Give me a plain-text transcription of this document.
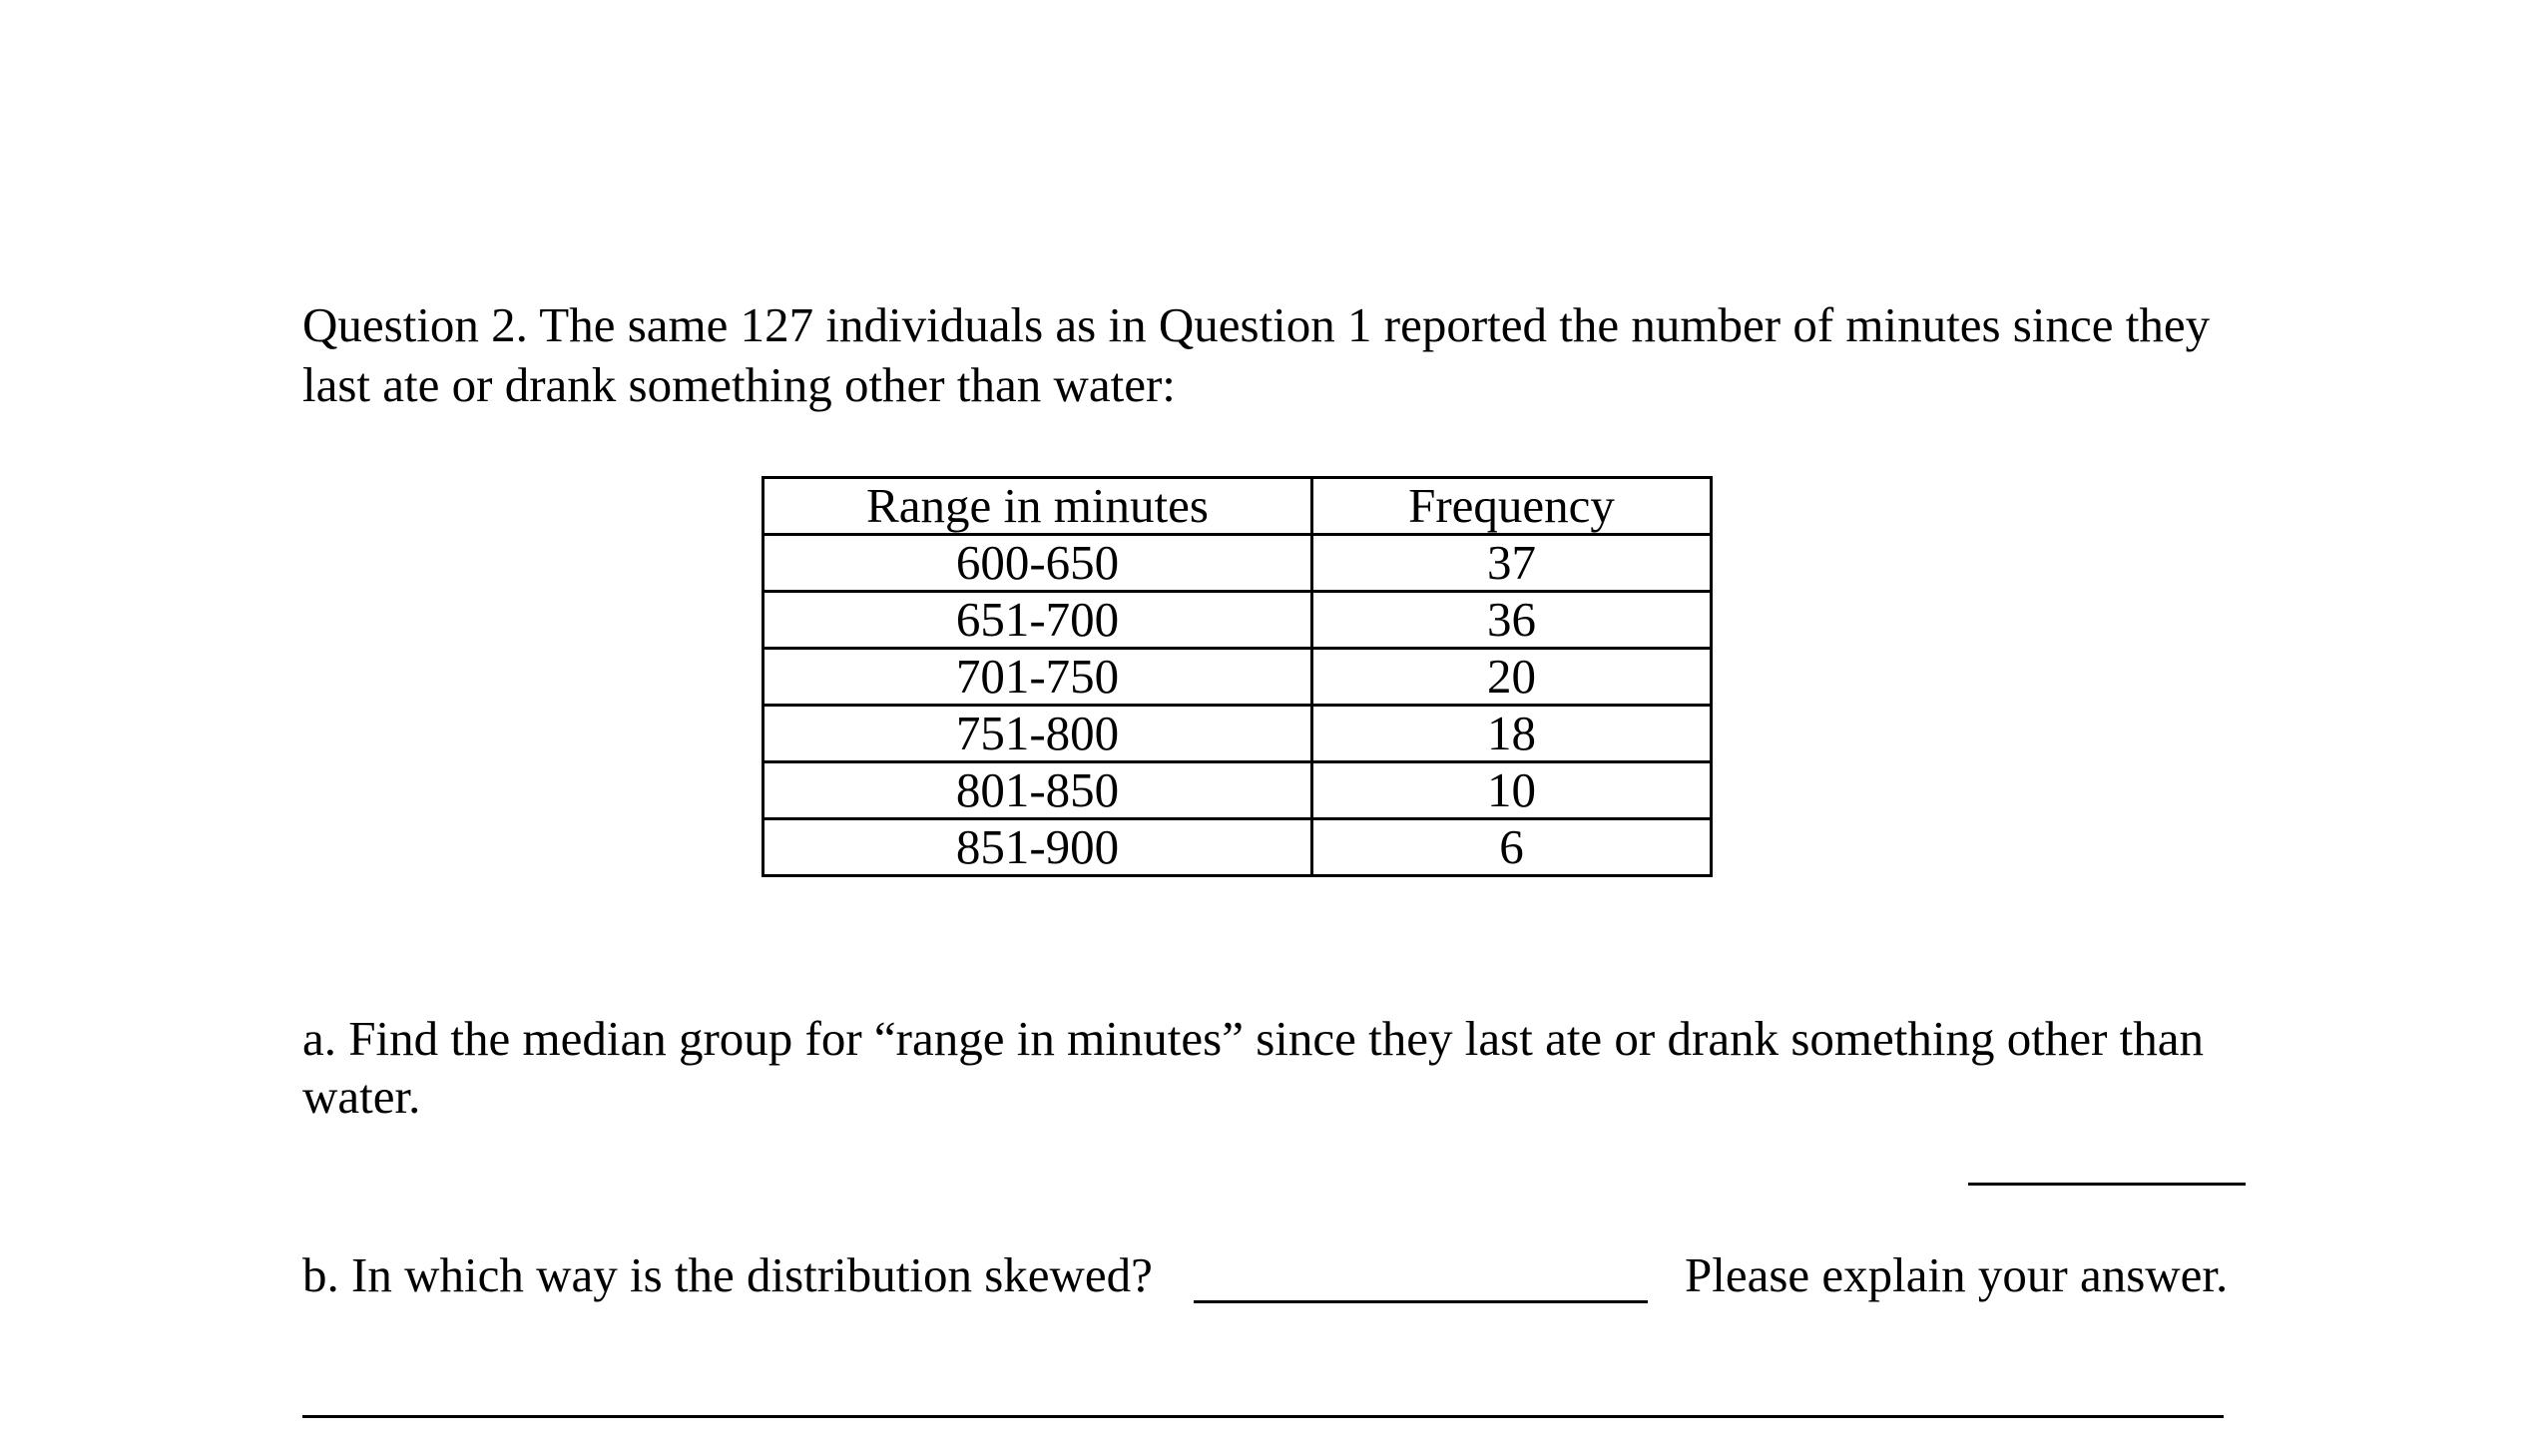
Question 2. The same 127 individuals as in Question 1 reported the number of minutes since they
last ate or drank something other than water:
Range in minutes	Frequency
600-650	37
651-700	36
701-750	20
751-800	18
801-850	10
851-900	6
a. Find the median group for “range in minutes” since they last ate or drank something other than
water.
b. In which way is the distribution skewed?	Please explain your answer.
